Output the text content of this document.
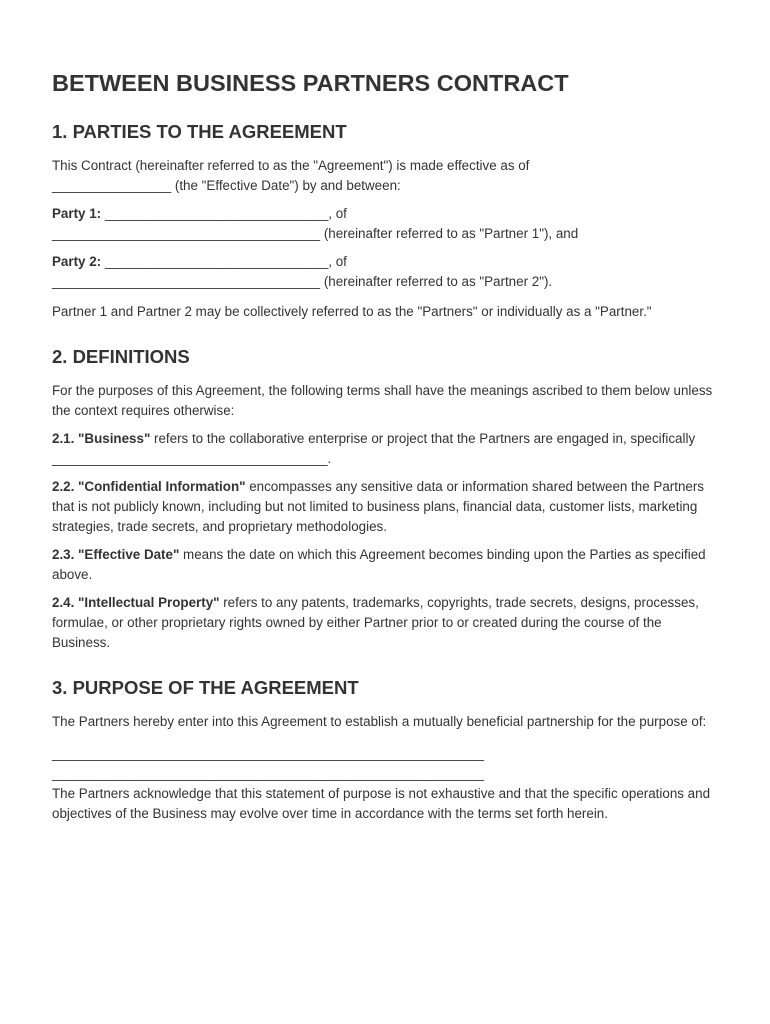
BETWEEN BUSINESS PARTNERS CONTRACT
1. PARTIES TO THE AGREEMENT

This Contract (hereinafter referred to as the "Agreement") is made effective as of
________________ (the "Effective Date") by and between:

Party 1: ______________________________, of
____________________________________ (hereinafter referred to as "Partner 1"), and

Party 2: ______________________________, of
____________________________________ (hereinafter referred to as "Partner 2").

Partner 1 and Partner 2 may be collectively referred to as the "Partners" or individually as a "Partner."

2. DEFINITIONS

For the purposes of this Agreement, the following terms shall have the meanings ascribed to them below unless the context requires otherwise:

2.1. "Business" refers to the collaborative enterprise or project that the Partners are engaged in, specifically _____________________________________.

2.2. "Confidential Information" encompasses any sensitive data or information shared between the Partners that is not publicly known, including but not limited to business plans, financial data, customer lists, marketing strategies, trade secrets, and proprietary methodologies.

2.3. "Effective Date" means the date on which this Agreement becomes binding upon the Parties as specified above.

2.4. "Intellectual Property" refers to any patents, trademarks, copyrights, trade secrets, designs, processes, formulae, or other proprietary rights owned by either Partner prior to or created during the course of the Business.

3. PURPOSE OF THE AGREEMENT

The Partners hereby enter into this Agreement to establish a mutually beneficial partnership for the purpose of:

__________________________________________________________

__________________________________________________________

The Partners acknowledge that this statement of purpose is not exhaustive and that the specific operations and objectives of the Business may evolve over time in accordance with the terms set forth herein.
